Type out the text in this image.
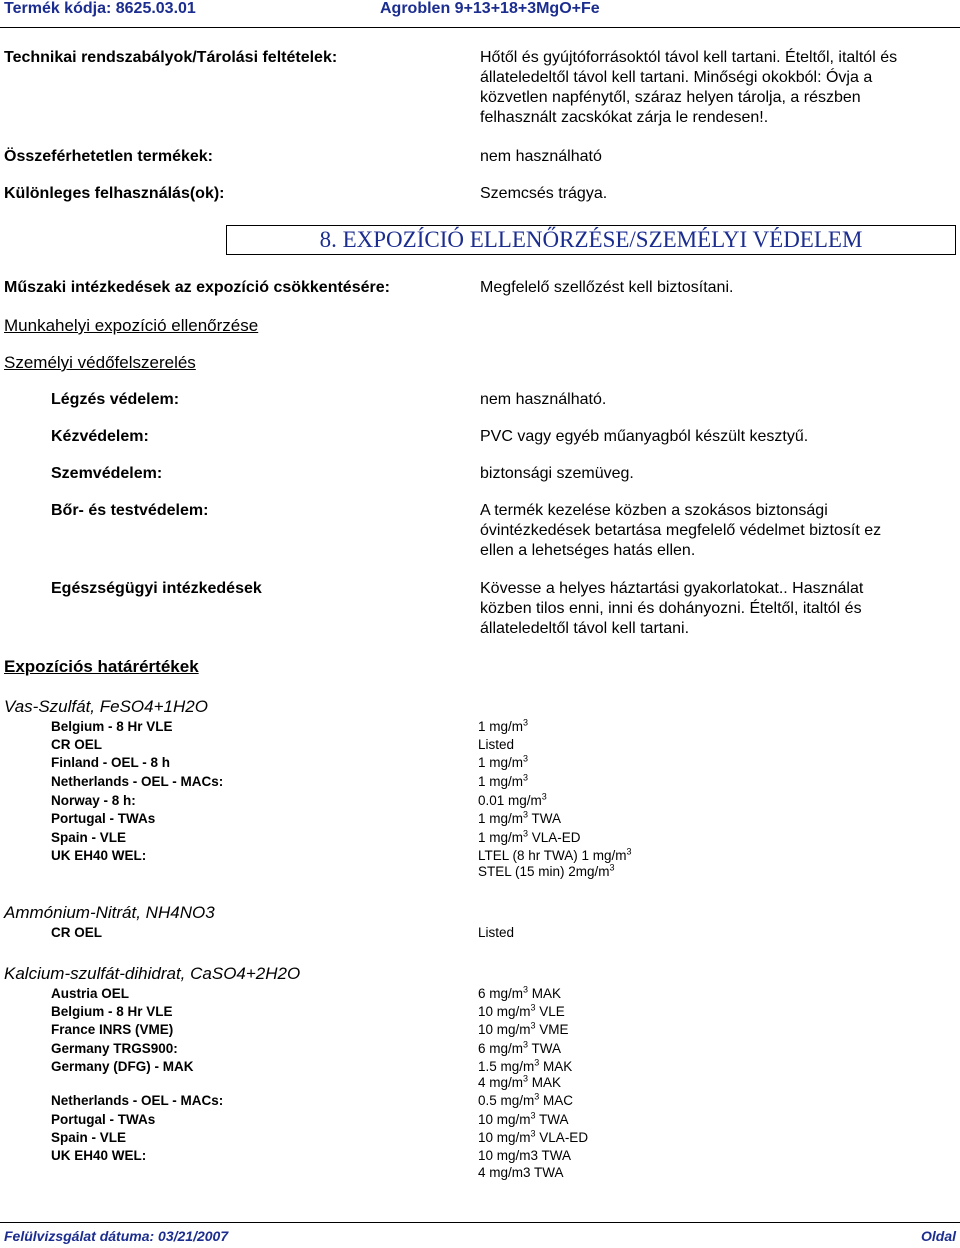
Termék kódja: 8625.03.01	Agroblen 9+13+18+3MgO+Fe
Technikai rendszabályok/Tárolási feltételek:	Hőtől és gyújtóforrásoktól távol kell tartani. Ételtől, italtól és
állateledeltől távol kell tartani. Minőségi okokból: Óvja a
közvetlen napfénytől, száraz helyen tárolja, a részben
felhasznált zacskókat zárja le rendesen!.
Összeférhetetlen termékek:	nem használható
Különleges felhasználás(ok):	Szemcsés trágya.
8. EXPOZÍCIÓ ELLENŐRZÉSE/SZEMÉLYI VÉDELEM
Műszaki intézkedések az expozíció csökkentésére:	Megfelelő szellőzést kell biztosítani.
Munkahelyi expozíció ellenőrzése
Személyi védőfelszerelés
Légzés védelem:	nem használható.
Kézvédelem:	PVC vagy egyéb műanyagból készült kesztyű.
Szemvédelem:	biztonsági szemüveg.
Bőr- és testvédelem:	A termék kezelése közben a szokásos biztonsági
óvintézkedések betartása megfelelő védelmet biztosít ez
ellen a lehetséges hatás ellen.
Egészségügyi intézkedések	Kövesse a helyes háztartási gyakorlatokat.. Használat
közben tilos enni, inni és dohányozni. Ételtől, italtól és
állateledeltől távol kell tartani.
Expozíciós határértékek
Vas-Szulfát, FeSO4+1H2O
Belgium - 8 Hr VLE	1 $mg/m^3$
CR OEL	Listed
Finland - OEL - 8 h	1 $mg/m^3$
Netherlands - OEL - MACs:	1 $mg/m^3$
Norway - 8 h:	0.01 $mg/m^3$
Portugal - TWAs	1 $mg/m^3$ TWA
Spain - VLE	1 $mg/m^3$ VLA-ED
UK EH40 WEL:	LTEL (8 hr TWA) 1 $mg/m^3$
STEL (15 min) $2mg/m^3$
Ammónium-Nitrát, NH4NO3
CR OEL	Listed
Kalcium-szulfát-dihidrat, CaSO4+2H2O
Austria OEL	6 $mg/m^3$ MAK
Belgium - 8 Hr VLE	10 $mg/m^3$ VLE
France INRS (VME)	10 $mg/m^3$ VME
Germany TRGS900:	6 $mg/m^3$ TWA
Germany (DFG) - MAK	1.5 $mg/m^3$ MAK
4 $mg/m^3$ MAK
Netherlands - OEL - MACs:	0.5 $mg/m^3$ MAC
Portugal - TWAs	10 $mg/m^3$ TWA
Spain - VLE	10 $mg/m^3$ VLA-ED
UK EH40 WEL:	10 mg/m3 TWA
4 mg/m3 TWA
Felülvizsgálat dátuma: 03/21/2007	Oldal
